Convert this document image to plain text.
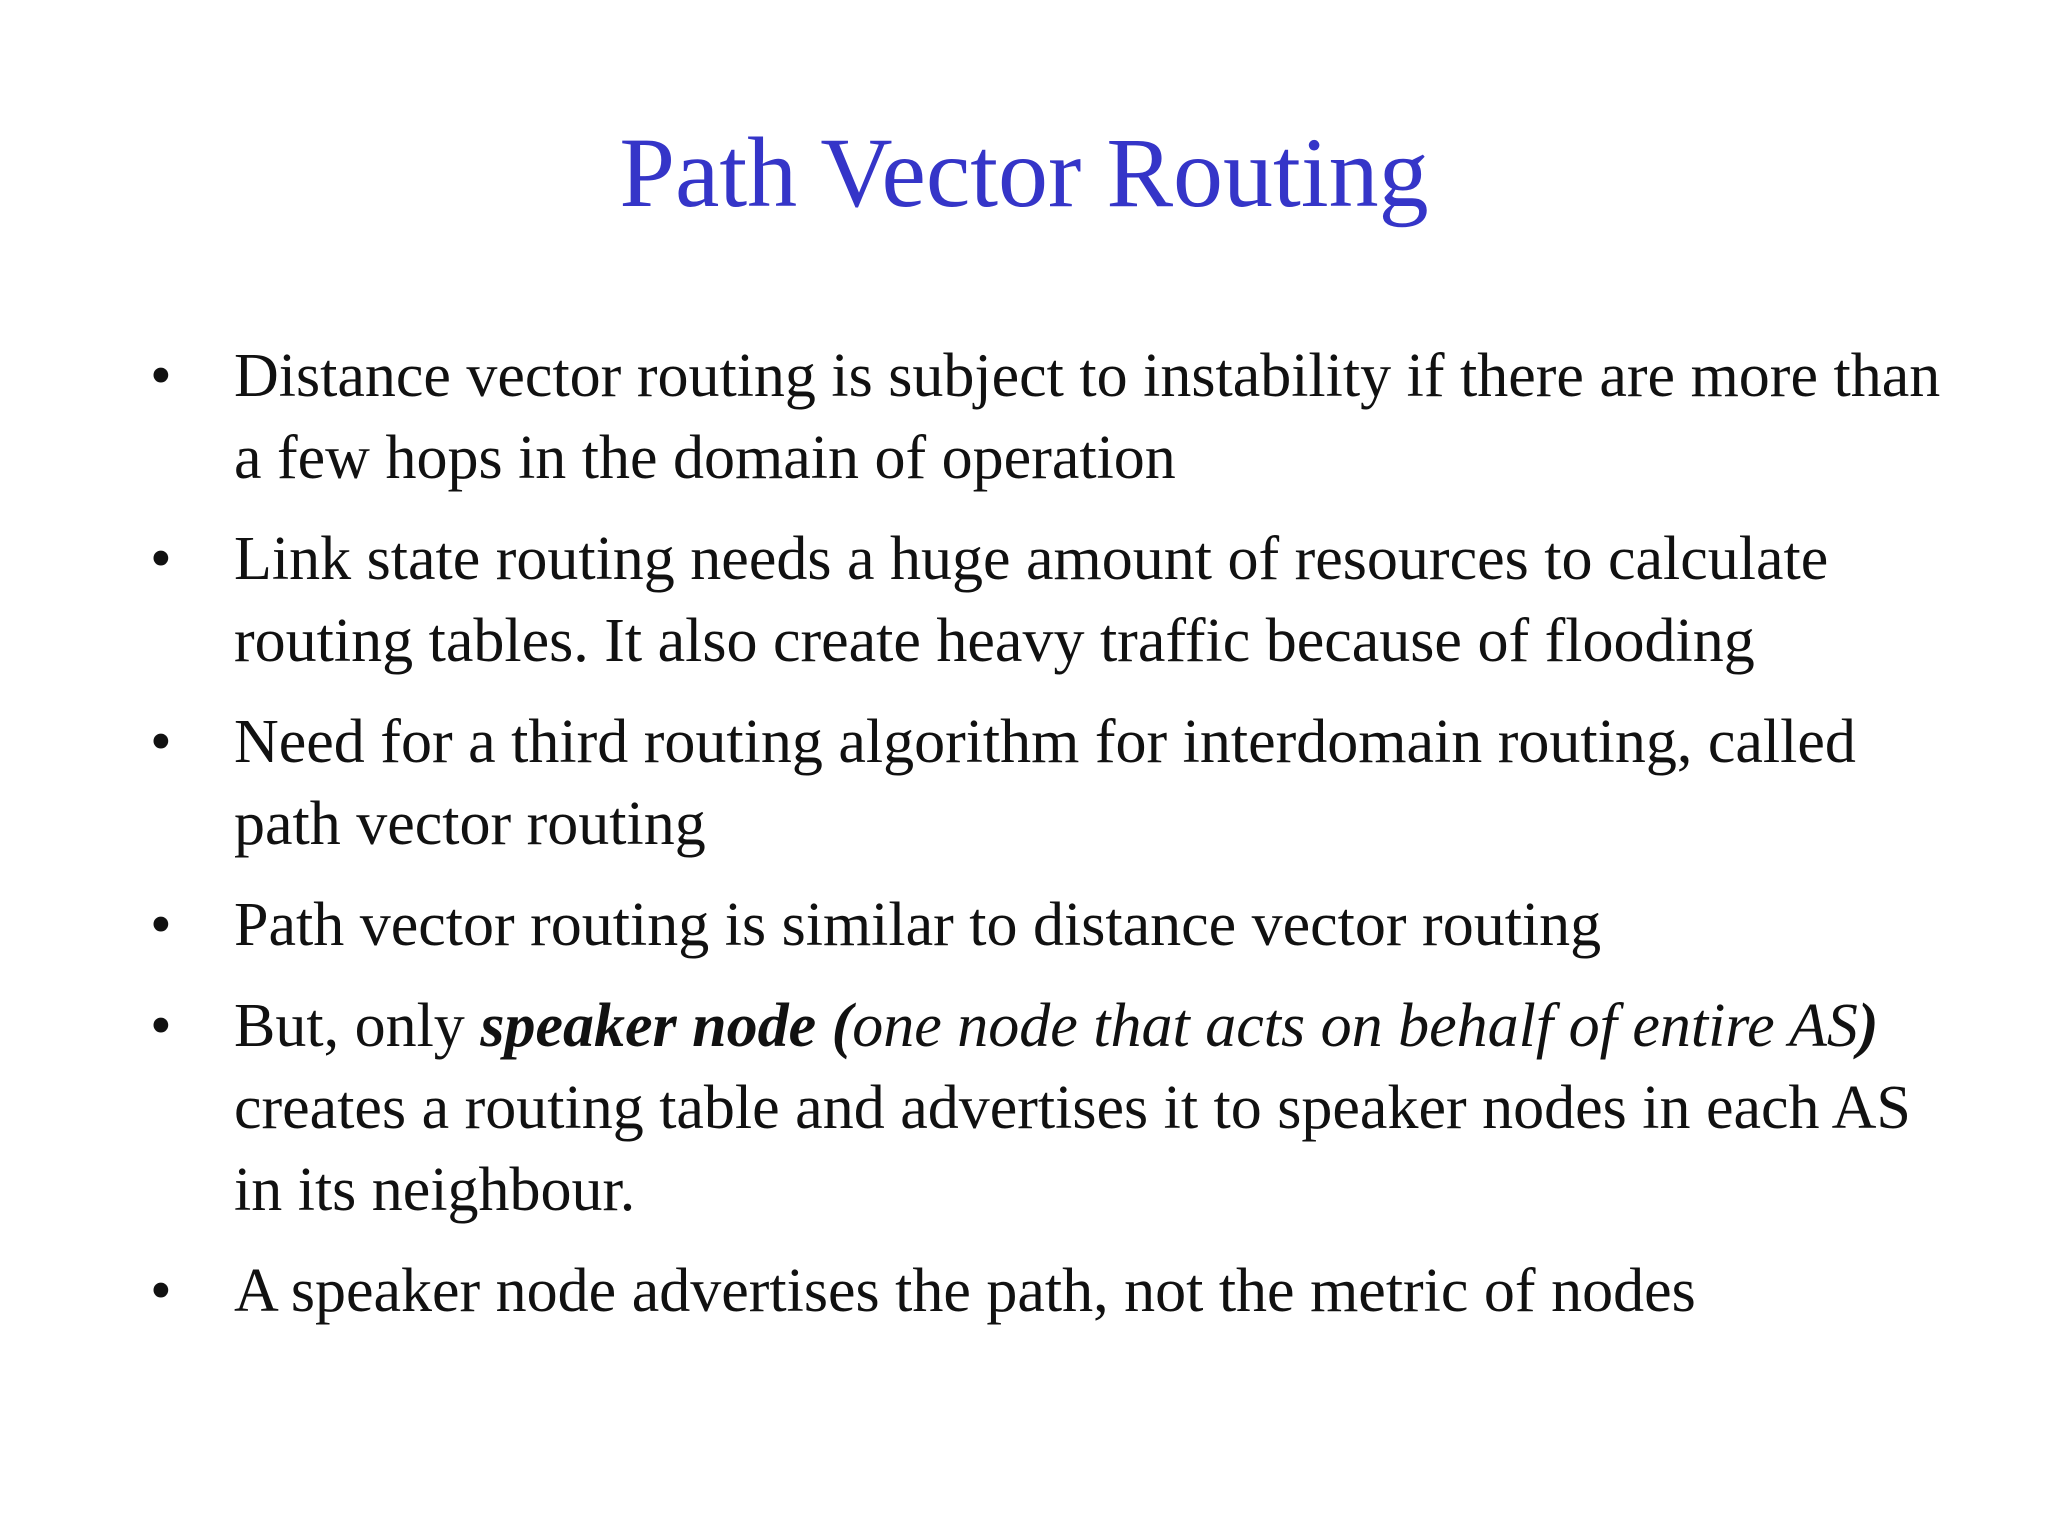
Path Vector Routing
• Distance vector routing is subject to instability if there are more than a few hops in the domain of operation
• Link state routing needs a huge amount of resources to calculate routing tables. It also create heavy traffic because of flooding
• Need for a third routing algorithm for interdomain routing, called path vector routing
• Path vector routing is similar to distance vector routing
• But, only speaker node (one node that acts on behalf of entire AS) creates a routing table and advertises it to speaker nodes in each AS in its neighbour.
• A speaker node advertises the path, not the metric of nodes
